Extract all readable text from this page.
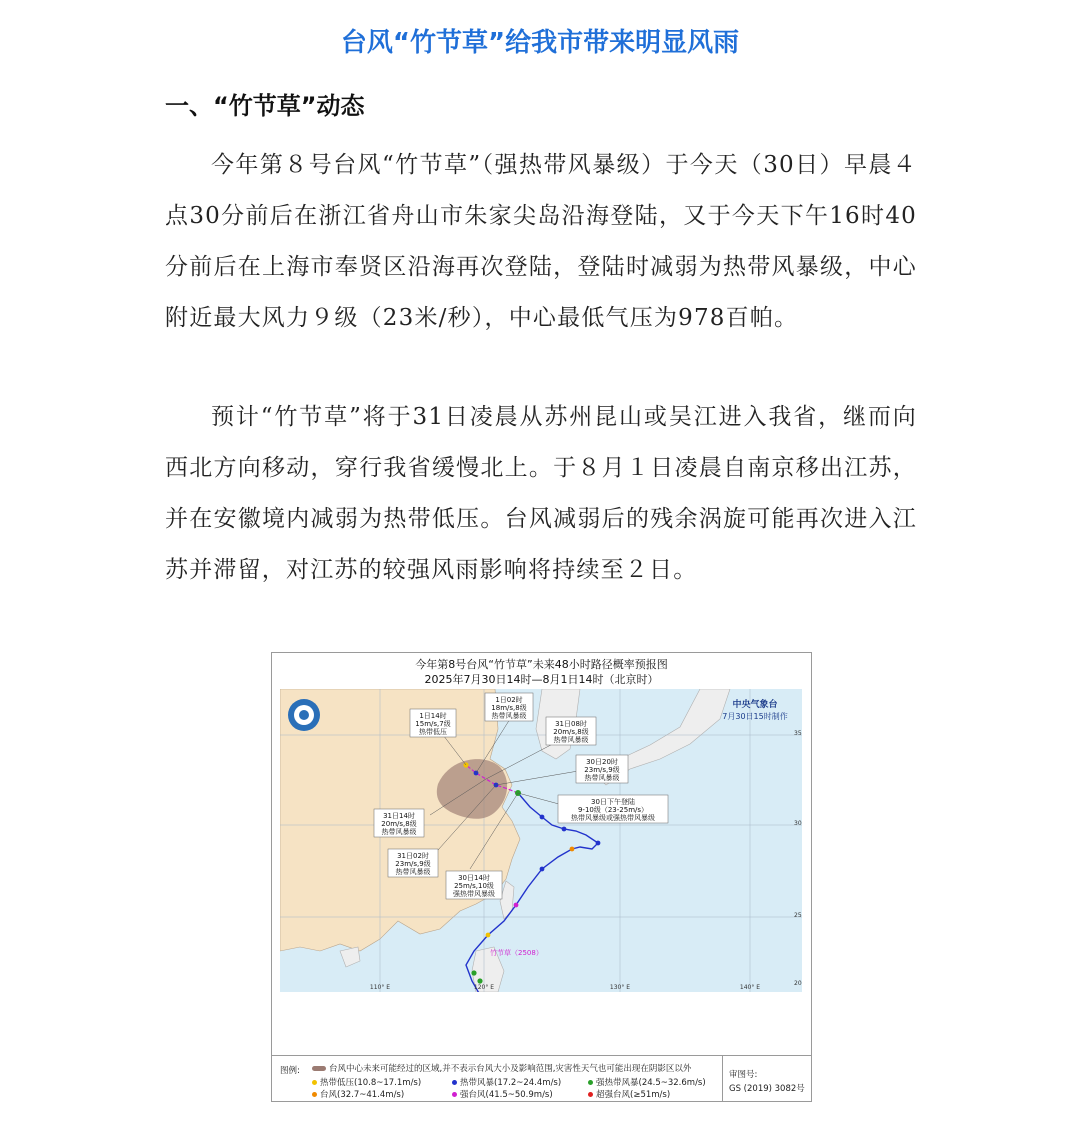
台风“竹节草”给我市带来明显风雨
一、“竹节草”动态
今年第８号台风“竹节草”（强热带风暴级）于今天（30日）早晨４点30分前后在浙江省舟山市朱家尖岛沿海登陆，又于今天下午16时40分前后在上海市奉贤区沿海再次登陆，登陆时减弱为热带风暴级，中心附近最大风力９级（23米/秒），中心最低气压为978百帕。
预计“竹节草”将于31日凌晨从苏州昆山或吴江进入我省，继而向西北方向移动，穿行我省缓慢北上。于８月１日凌晨自南京移出江苏，并在安徽境内减弱为热带低压。台风减弱后的残余涡旋可能再次进入江苏并滞留，对江苏的较强风雨影响将持续至２日。
今年第8号台风“竹节草”未来48小时路径概率预报图
2025年7月30日14时—8月1日14时（北京时）
1日14时
15m/s,7级
热带低压
1日02时
18m/s,8级
热带风暴级
31日08时
20m/s,8级
热带风暴级
30日20时
23m/s,9级
热带风暴级
30日下午登陆
9-10级（23-25m/s）
热带风暴级或强热带风暴级
31日14时
20m/s,8级
热带风暴级
31日02时
23m/s,9级
热带风暴级
30日14时
25m/s,10级
强热带风暴级
中央气象台
7月30日15时制作
竹节草（2508）
35
30
25
20
110° E	120° E	130° E	140° E
图例:	台风中心未来可能经过的区域,并不表示台风大小及影响范围,灾害性天气也可能出现在阴影区以外
热带低压(10.8~17.1m/s)	热带风暴(17.2~24.4m/s)	强热带风暴(24.5~32.6m/s)
台风(32.7~41.4m/s)	强台风(41.5~50.9m/s)	超强台风(≥51m/s)
审图号:
GS (2019) 3082号
